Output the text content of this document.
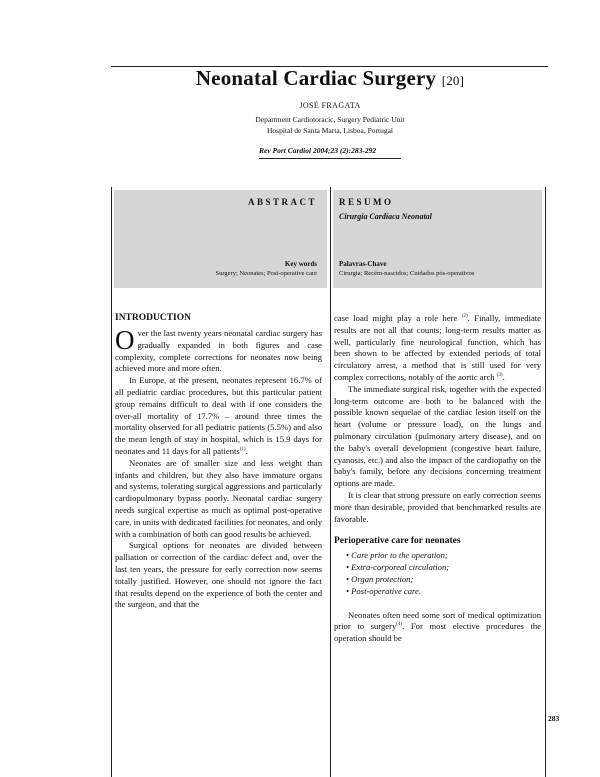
Neonatal Cardiac Surgery [20]
JOSÉ FRAGATA
Department Cardiotoracic, Surgery Pediatric Unit
Hospital de Santa Marta, Lisboa, Portugal
Rev Port Cardiol 2004;23 (2):283-292
ABSTRACT
Key words
Surgery; Neonates; Post-operative care
RESUMO
Cirurgia Cardíaca Neonatal
Palavras-Chave
Cirurgia; Recém-nascidos; Cuidados pós-operativos
INTRODUCTION

Over the last twenty years neonatal cardiac surgery has gradually expanded in both figures and case complexity, complete corrections for neonates now being achieved more and more often.

In Europe, at the present, neonates represent 16.7% of all pediatric cardiac procedures, but this particular patient group remains difficult to deal with if one considers the over-all mortality of 17.7% – around three times the mortality observed for all pediatric patients (5.5%) and also the mean length of stay in hospital, which is 15.9 days for neonates and 11 days for all patients$^{(1)}$.

Neonates are of smaller size and less weight than infants and children, but they also have immature organs and systems, tolerating surgical aggressions and particularly cardiopulmonary bypass poorly. Neonatal cardiac surgery needs surgical expertise as much as optimal post-operative care, in units with dedicated facilities for neonates, and only with a combination of both can good results be achieved.

Surgical options for neonates are divided between palliation or correction of the cardiac defect and, over the last ten years, the pressure for early correction now seems totally justified. However, one should not ignore the fact that results depend on the experience of both the center and the surgeon, and that the

case load might play a role here $^{(2)}$. Finally, immediate results are not all that counts; long-term results matter as well, particularly fine neurological function, which has been shown to be affected by extended periods of total circulatory arrest, a method that is still used for very complex corrections, notably of the aortic arch $^{(3)}$.

The immediate surgical risk, together with the expected long-term outcome are both to be balanced with the possible known sequelae of the cardiac lesion itself on the heart (volume or pressure load), on the lungs and pulmonary circulation (pulmonary artery disease), and on the baby's overall development (congestive heart failure, cyanosis, etc.) and also the impact of the cardiopathy on the baby's family, before any decisions concerning treatment options are made.

It is clear that strong pressure on early correction seems more than desirable, provided that benchmarked results are favorable.

Perioperative care for neonates
• Care prior to the operation;
• Extra-corporeal circulation;
• Organ protection;
• Post-operative care.

Neonates often need some sort of medical optimization prior to surgery$^{(4)}$. For most elective procedures the operation should be

283
